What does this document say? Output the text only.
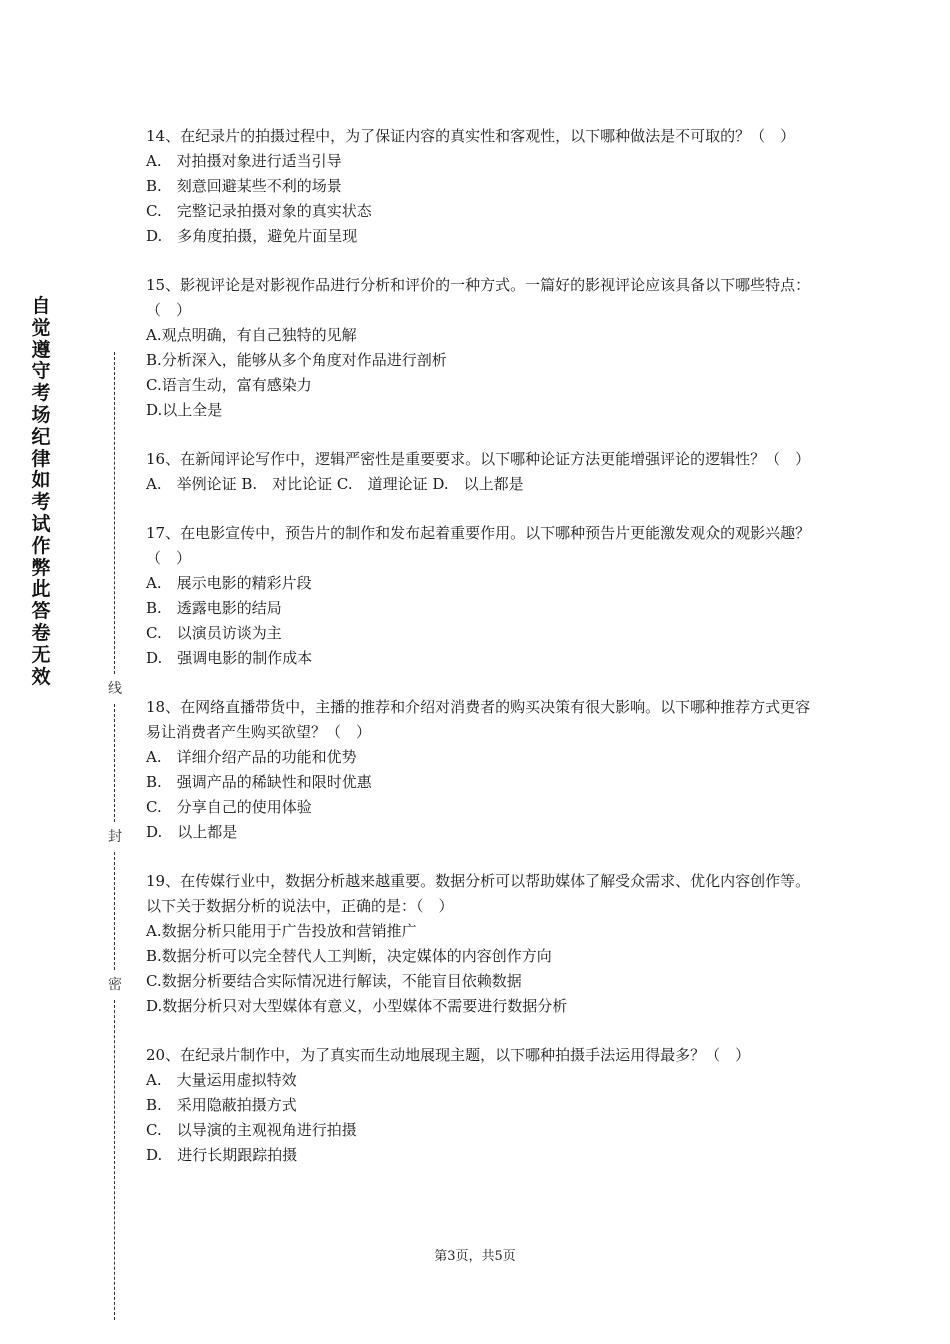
自觉遵守考场纪律如考试作弊此答卷无效
线
封
密

14、在纪录片的拍摄过程中，为了保证内容的真实性和客观性，以下哪种做法是不可取的？（　）

A.　对拍摄对象进行适当引导

B.　刻意回避某些不利的场景

C.　完整记录拍摄对象的真实状态

D.　多角度拍摄，避免片面呈现

15、影视评论是对影视作品进行分析和评价的一种方式。一篇好的影视评论应该具备以下哪些特点：（　）

A.观点明确，有自己独特的见解

B.分析深入，能够从多个角度对作品进行剖析

C.语言生动，富有感染力

D.以上全是

16、在新闻评论写作中，逻辑严密性是重要要求。以下哪种论证方法更能增强评论的逻辑性？（　）

A.　举例论证 B.　对比论证 C.　道理论证 D.　以上都是

17、在电影宣传中，预告片的制作和发布起着重要作用。以下哪种预告片更能激发观众的观影兴趣？（　）

A.　展示电影的精彩片段

B.　透露电影的结局

C.　以演员访谈为主

D.　强调电影的制作成本

18、在网络直播带货中，主播的推荐和介绍对消费者的购买决策有很大影响。以下哪种推荐方式更容易让消费者产生购买欲望？（　）

A.　详细介绍产品的功能和优势

B.　强调产品的稀缺性和限时优惠

C.　分享自己的使用体验

D.　以上都是

19、在传媒行业中，数据分析越来越重要。数据分析可以帮助媒体了解受众需求、优化内容创作等。以下关于数据分析的说法中，正确的是：（　）

A.数据分析只能用于广告投放和营销推广

B.数据分析可以完全替代人工判断，决定媒体的内容创作方向

C.数据分析要结合实际情况进行解读，不能盲目依赖数据

D.数据分析只对大型媒体有意义，小型媒体不需要进行数据分析

20、在纪录片制作中，为了真实而生动地展现主题，以下哪种拍摄手法运用得最多？（　）

A.　大量运用虚拟特效

B.　采用隐蔽拍摄方式

C.　以导演的主观视角进行拍摄

D.　进行长期跟踪拍摄

第3页，共5页
